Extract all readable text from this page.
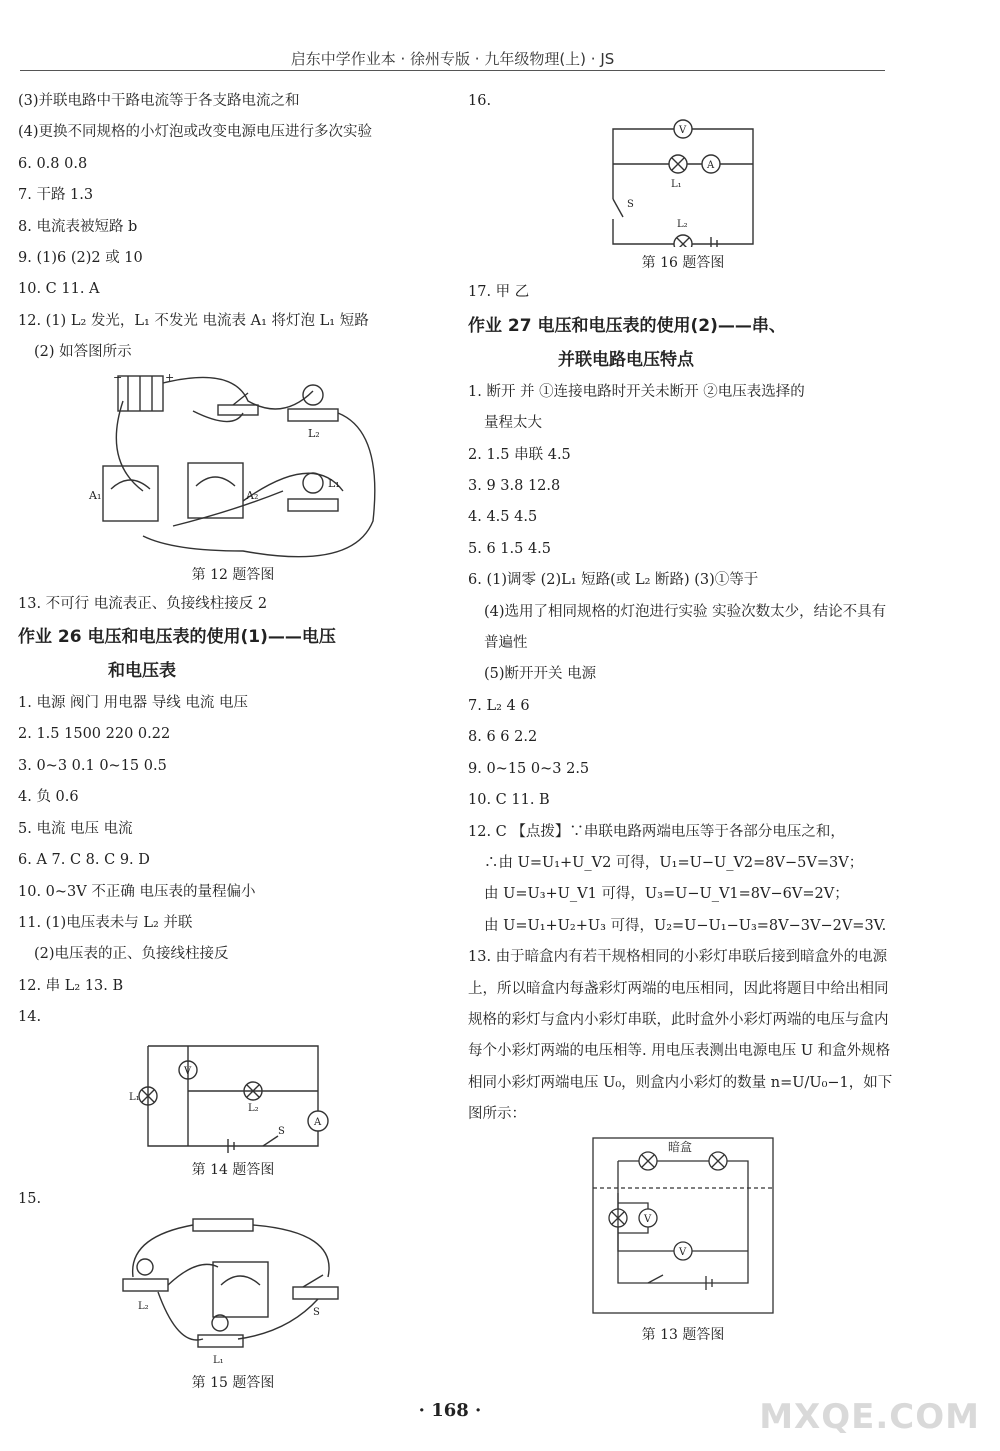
启东中学作业本 · 徐州专版 · 九年级物理(上) · JS
(3)并联电路中干路电流等于各支路电流之和
(4)更换不同规格的小灯泡或改变电源电压进行多次实验
6. 0.8 0.8
7. 干路 1.3
8. 电流表被短路 b
9. (1)6 (2)2 或 10
10. C 11. A
12. (1) L₂ 发光，L₁ 不发光 电流表 A₁ 将灯泡 L₁ 短路
(2) 如答图所示
−	+
L₂
L₁
A₁	A₂
第 12 题答图
13. 不可行 电流表正、负接线柱接反 2
作业 26 电压和电压表的使用(1)——电压
和电压表
1. 电源 阀门 用电器 导线 电流 电压
2. 1.5 1500 220 0.22
3. 0~3 0.1 0~15 0.5
4. 负 0.6
5. 电流 电压 电流
6. A 7. C 8. C 9. D
10. 0~3V 不正确 电压表的量程偏小
11. (1)电压表未与 L₂ 并联
(2)电压表的正、负接线柱接反
12. 串 L₂ 13. B
14.
V
A
L₁
L₂
S
第 14 题答图
15.
L₂
S
L₁
第 15 题答图
16.
V
A
L₁
L₂
S
第 16 题答图
17. 甲 乙
作业 27 电压和电压表的使用(2)——串、
并联电路电压特点
1. 断开 并 ①连接电路时开关未断开 ②电压表选择的
量程太大
2. 1.5 串联 4.5
3. 9 3.8 12.8
4. 4.5 4.5
5. 6 1.5 4.5
6. (1)调零 (2)L₁ 短路(或 L₂ 断路) (3)①等于
(4)选用了相同规格的灯泡进行实验 实验次数太少，结论不具有普遍性
(5)断开开关 电源
7. L₂ 4 6
8. 6 6 2.2
9. 0~15 0~3 2.5
10. C 11. B
12. C 【点拨】∵串联电路两端电压等于各部分电压之和，
∴由 U=U₁+U_V2 可得，U₁=U−U_V2=8V−5V=3V；
由 U=U₃+U_V1 可得，U₃=U−U_V1=8V−6V=2V；
由 U=U₁+U₂+U₃ 可得，U₂=U−U₁−U₃=8V−3V−2V=3V.
13. 由于暗盒内有若干规格相同的小彩灯串联后接到暗盒外的电源上，所以暗盒内每盏彩灯两端的电压相同，因此将题目中给出相同规格的彩灯与盒内小彩灯串联，此时盒外小彩灯两端的电压与盒内每个小彩灯两端的电压相等. 用电压表测出电源电压 U 和盒外规格相同小彩灯两端电压 U₀，则盒内小彩灯的数量 n=U/U₀−1，如下图所示：
V
V
暗盒
第 13 题答图
· 168 ·	MXQE.COM
